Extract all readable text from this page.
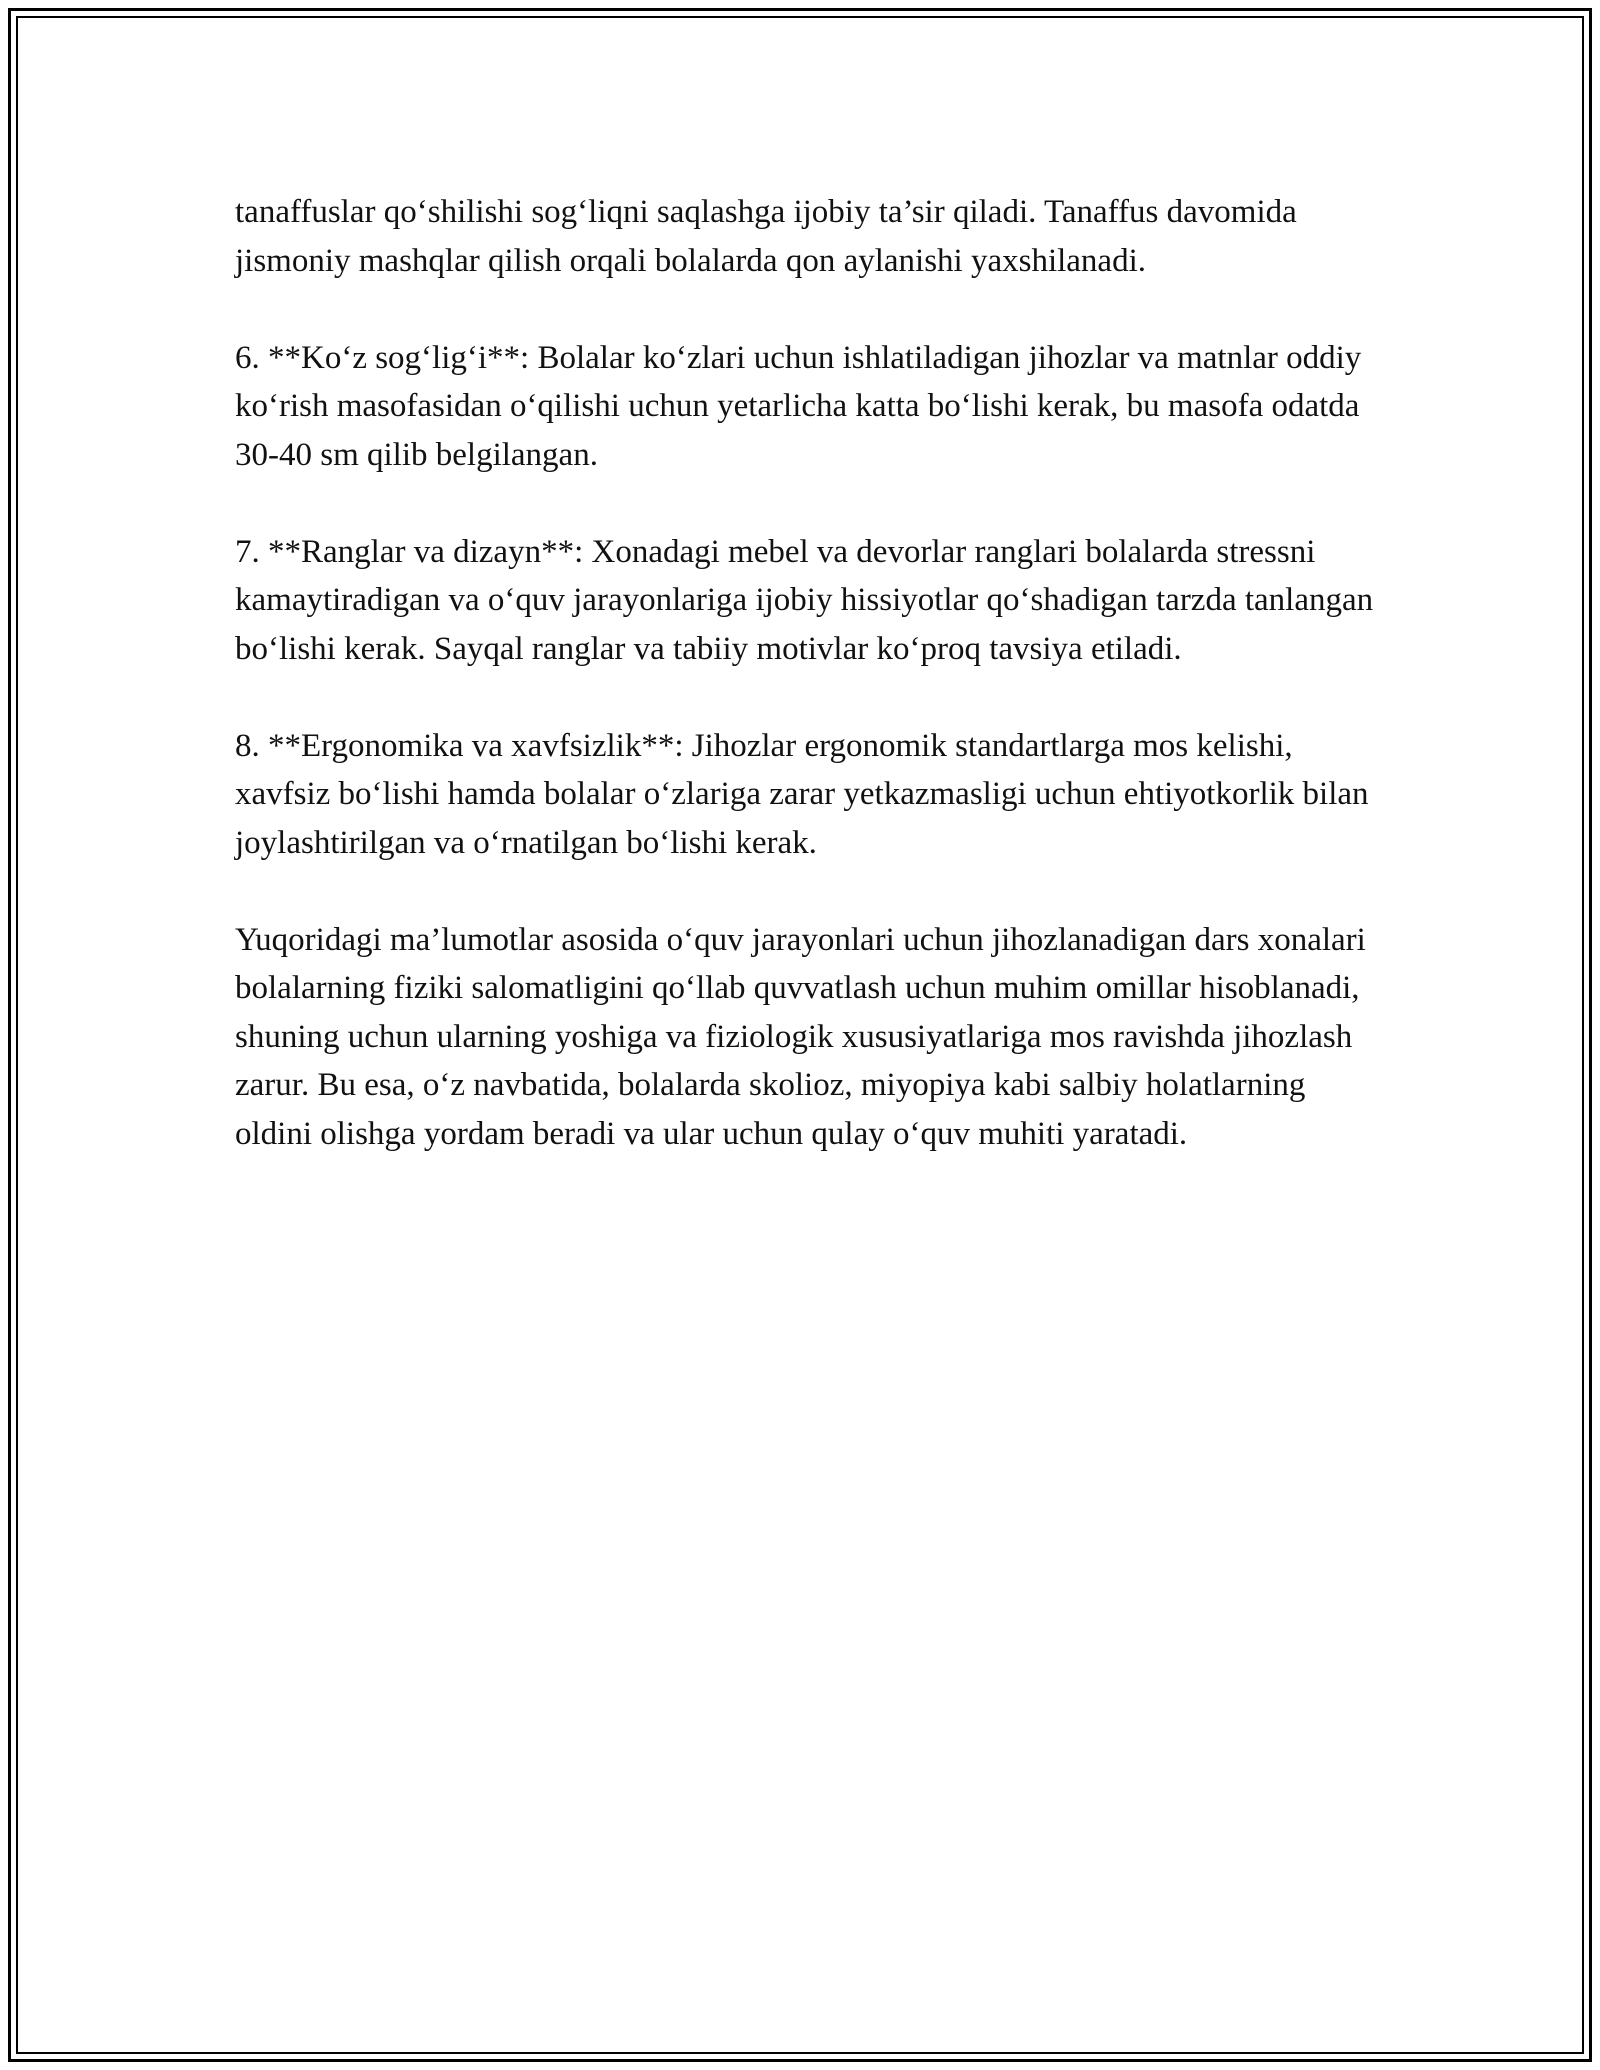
tanaffuslar qo‘shilishi sog‘liqni saqlashga ijobiy ta’sir qiladi. Tanaffus davomida jismoniy mashqlar qilish orqali bolalarda qon aylanishi yaxshilanadi.

6. **Ko‘z sog‘lig‘i**: Bolalar ko‘zlari uchun ishlatiladigan jihozlar va matnlar oddiy ko‘rish masofasidan o‘qilishi uchun yetarlicha katta bo‘lishi kerak, bu masofa odatda 30-40 sm qilib belgilangan.

7. **Ranglar va dizayn**: Xonadagi mebel va devorlar ranglari bolalarda stressni kamaytiradigan va o‘quv jarayonlariga ijobiy hissiyotlar qo‘shadigan tarzda tanlangan bo‘lishi kerak. Sayqal ranglar va tabiiy motivlar ko‘proq tavsiya etiladi.

8. **Ergonomika va xavfsizlik**: Jihozlar ergonomik standartlarga mos kelishi, xavfsiz bo‘lishi hamda bolalar o‘zlariga zarar yetkazmasligi uchun ehtiyotkorlik bilan joylashtirilgan va o‘rnatilgan bo‘lishi kerak.

Yuqoridagi ma’lumotlar asosida o‘quv jarayonlari uchun jihozlanadigan dars xonalari bolalarning fiziki salomatligini qo‘llab quvvatlash uchun muhim omillar hisoblanadi, shuning uchun ularning yoshiga va fiziologik xususiyatlariga mos ravishda jihozlash zarur. Bu esa, o‘z navbatida, bolalarda skolioz, miyopiya kabi salbiy holatlarning oldini olishga yordam beradi va ular uchun qulay o‘quv muhiti yaratadi.
